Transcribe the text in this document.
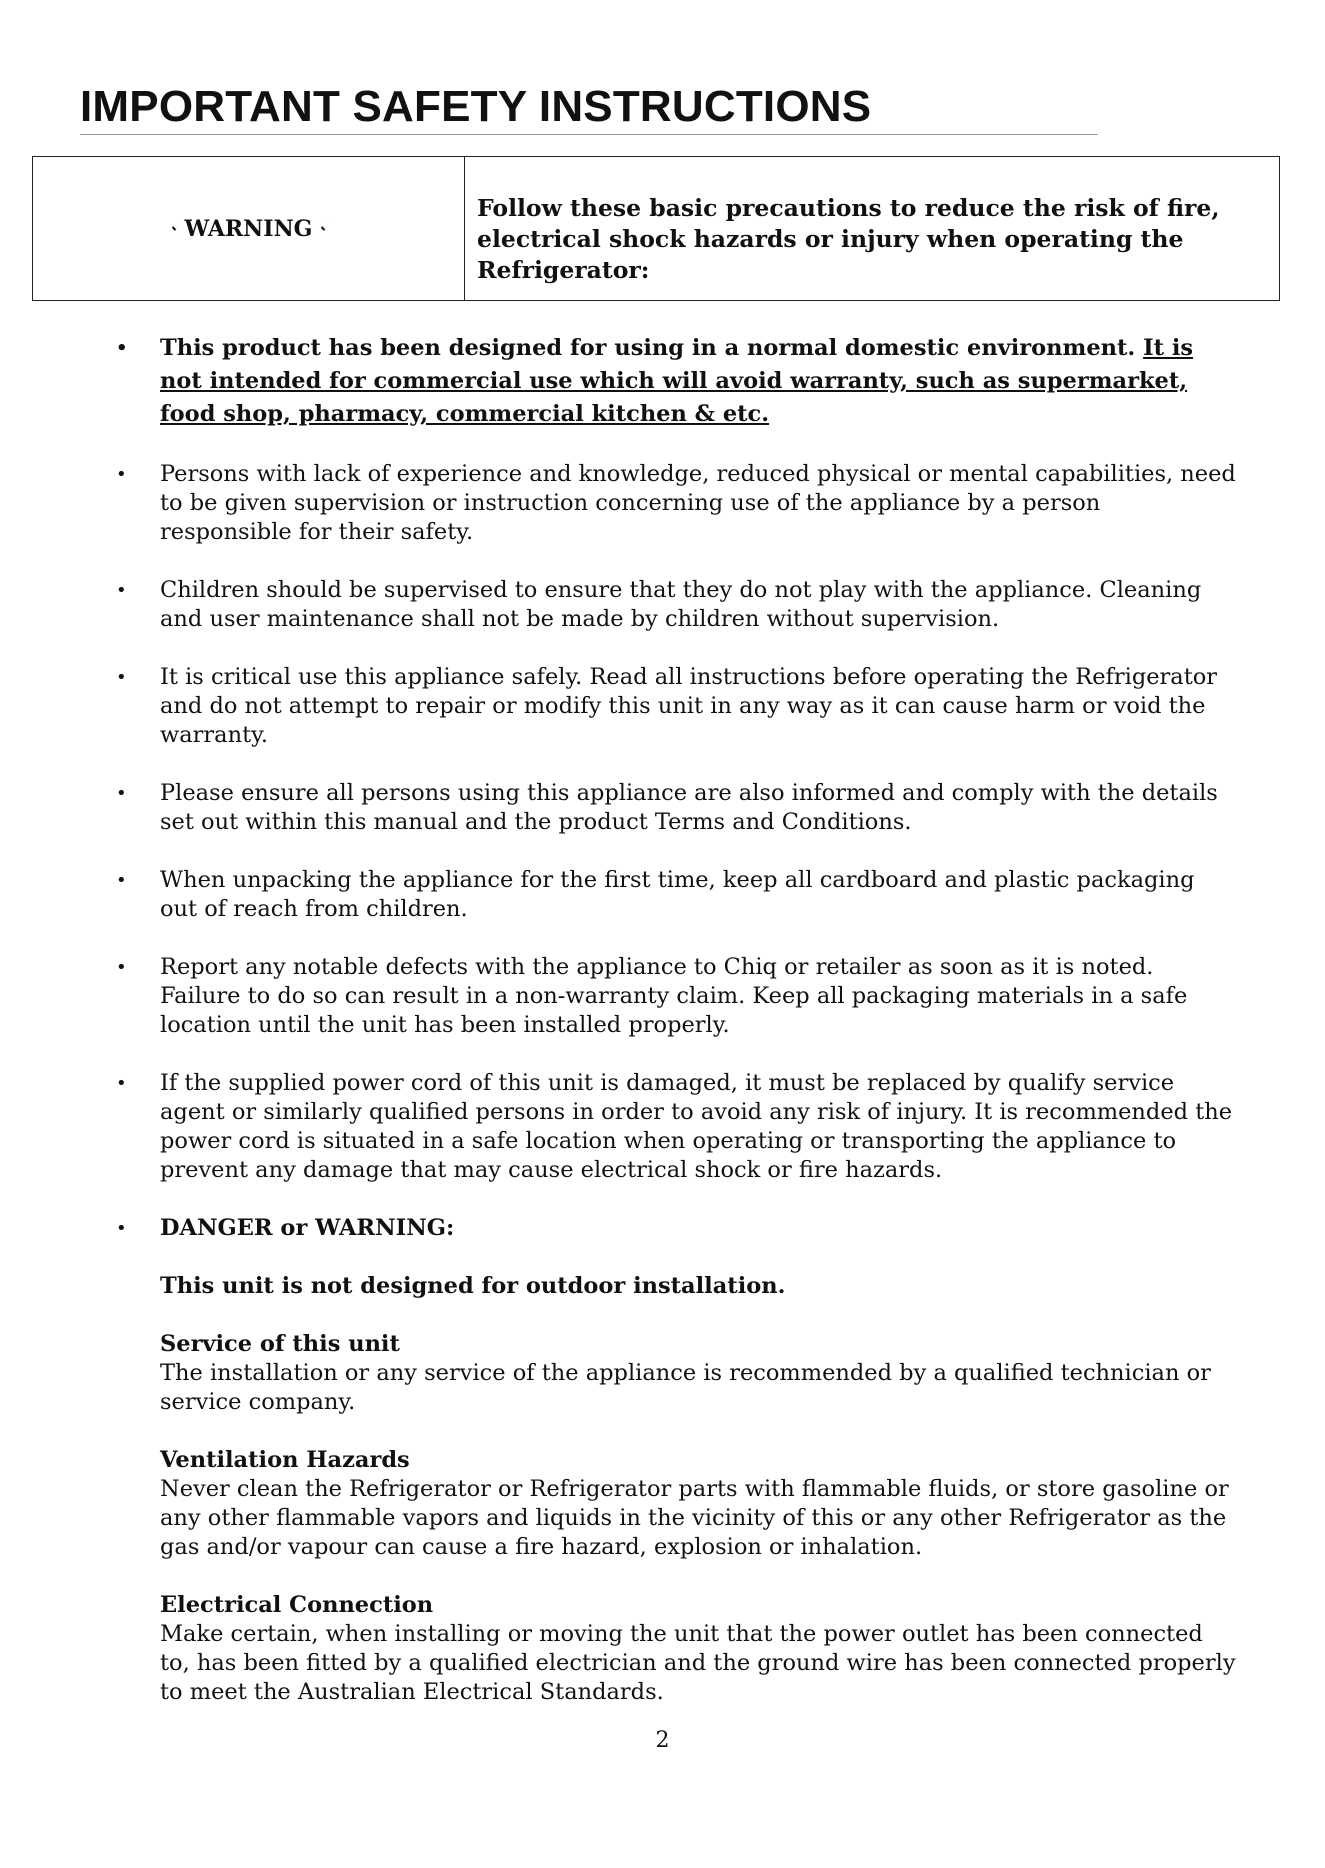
IMPORTANT SAFETY INSTRUCTIONS
WARNING
Follow these basic precautions to reduce the risk of fire, electrical shock hazards or injury when operating the Refrigerator:
• This product has been designed for using in a normal domestic environment. It is not intended for commercial use which will avoid warranty, such as supermarket, food shop, pharmacy, commercial kitchen & etc.
• Persons with lack of experience and knowledge, reduced physical or mental capabilities, need to be given supervision or instruction concerning use of the appliance by a person responsible for their safety.
• Children should be supervised to ensure that they do not play with the appliance. Cleaning and user maintenance shall not be made by children without supervision.
• It is critical use this appliance safely. Read all instructions before operating the Refrigerator and do not attempt to repair or modify this unit in any way as it can cause harm or void the warranty.
• Please ensure all persons using this appliance are also informed and comply with the details set out within this manual and the product Terms and Conditions.
• When unpacking the appliance for the first time, keep all cardboard and plastic packaging out of reach from children.
• Report any notable defects with the appliance to Chiq or retailer as soon as it is noted. Failure to do so can result in a non-warranty claim. Keep all packaging materials in a safe location until the unit has been installed properly.
• If the supplied power cord of this unit is damaged, it must be replaced by qualify service agent or similarly qualified persons in order to avoid any risk of injury. It is recommended the power cord is situated in a safe location when operating or transporting the appliance to prevent any damage that may cause electrical shock or fire hazards.
• DANGER or WARNING:
This unit is not designed for outdoor installation.
Service of this unit
The installation or any service of the appliance is recommended by a qualified technician or service company.
Ventilation Hazards
Never clean the Refrigerator or Refrigerator parts with flammable fluids, or store gasoline or any other flammable vapors and liquids in the vicinity of this or any other Refrigerator as the gas and/or vapour can cause a fire hazard, explosion or inhalation.
Electrical Connection
Make certain, when installing or moving the unit that the power outlet has been connected to, has been fitted by a qualified electrician and the ground wire has been connected properly to meet the Australian Electrical Standards.
2
